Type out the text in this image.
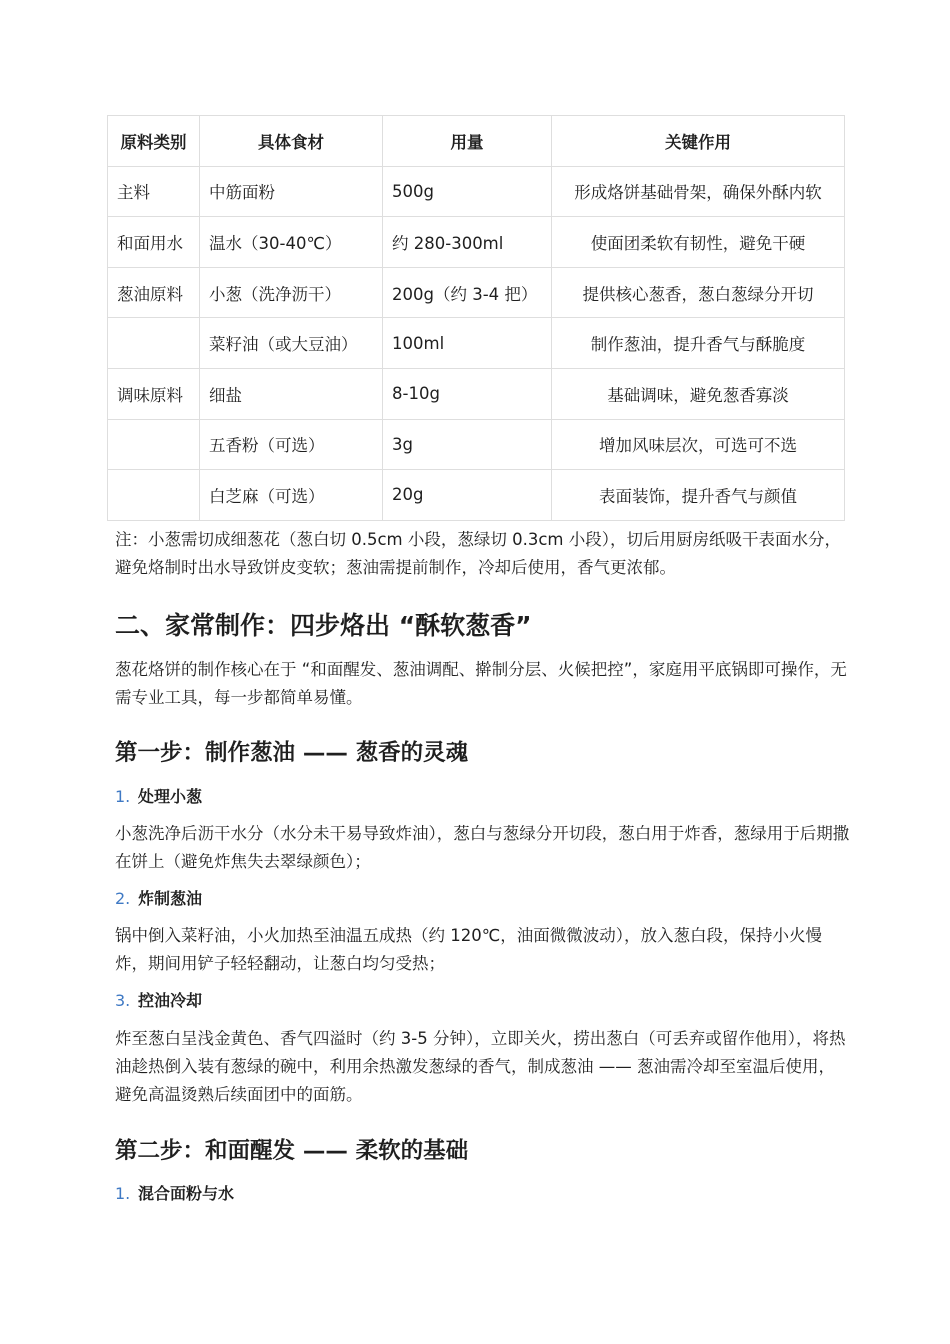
原料类别	具体食材	用量	关键作用
主料	中筋面粉	500g	形成烙饼基础骨架，确保外酥内软
和面用水	温水（30-40℃）	约 280-300ml	使面团柔软有韧性，避免干硬
葱油原料	小葱（洗净沥干）	200g（约 3-4 把）	提供核心葱香，葱白葱绿分开切
	菜籽油（或大豆油）	100ml	制作葱油，提升香气与酥脆度
调味原料	细盐	8-10g	基础调味，避免葱香寡淡
	五香粉（可选）	3g	增加风味层次，可选可不选
	白芝麻（可选）	20g	表面装饰，提升香气与颜值

注：小葱需切成细葱花（葱白切 0.5cm 小段，葱绿切 0.3cm 小段），切后用厨房纸吸干表面水分，避免烙制时出水导致饼皮变软；葱油需提前制作，冷却后使用，香气更浓郁。

二、家常制作：四步烙出 “酥软葱香”

葱花烙饼的制作核心在于 “和面醒发、葱油调配、擀制分层、火候把控”，家庭用平底锅即可操作，无需专业工具，每一步都简单易懂。

第一步：制作葱油 —— 葱香的灵魂
1. 处理小葱

小葱洗净后沥干水分（水分未干易导致炸油），葱白与葱绿分开切段，葱白用于炸香，葱绿用于后期撒在饼上（避免炸焦失去翠绿颜色）；

2. 炸制葱油

锅中倒入菜籽油，小火加热至油温五成热（约 120℃，油面微微波动），放入葱白段，保持小火慢炸，期间用铲子轻轻翻动，让葱白均匀受热；

3. 控油冷却

炸至葱白呈浅金黄色、香气四溢时（约 3-5 分钟），立即关火，捞出葱白（可丢弃或留作他用），将热油趁热倒入装有葱绿的碗中，利用余热激发葱绿的香气，制成葱油 —— 葱油需冷却至室温后使用，避免高温烫熟后续面团中的面筋。

第二步：和面醒发 —— 柔软的基础
1. 混合面粉与水
